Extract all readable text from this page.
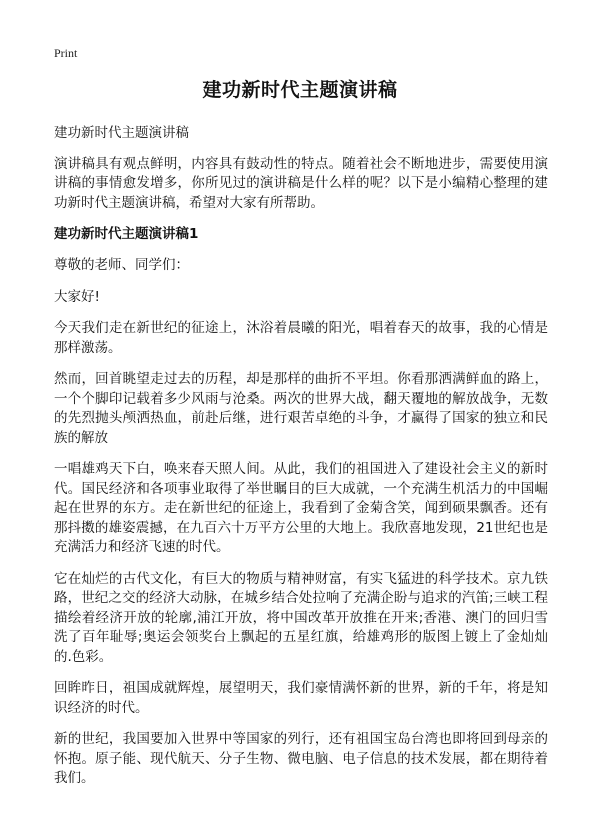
Print
建功新时代主题演讲稿

建功新时代主题演讲稿

演讲稿具有观点鲜明，内容具有鼓动性的特点。随着社会不断地进步，需要使用演讲稿的事情愈发增多，你所见过的演讲稿是什么样的呢？以下是小编精心整理的建功新时代主题演讲稿，希望对大家有所帮助。

建功新时代主题演讲稿1

尊敬的老师、同学们：

大家好!

今天我们走在新世纪的征途上，沐浴着晨曦的阳光，唱着春天的故事，我的心情是那样激荡。

然而，回首眺望走过去的历程，却是那样的曲折不平坦。你看那洒满鲜血的路上，一个个脚印记载着多少风雨与沧桑。两次的世界大战，翻天覆地的解放战争，无数的先烈抛头颅洒热血，前赴后继，进行艰苦卓绝的斗争，才赢得了国家的独立和民族的解放

一唱雄鸡天下白，唤来春天照人间。从此，我们的祖国进入了建设社会主义的新时代。国民经济和各项事业取得了举世瞩目的巨大成就，一个充满生机活力的中国崛起在世界的东方。走在新世纪的征途上，我看到了金菊含笑，闻到硕果飘香。还有那抖擞的雄姿震撼，在九百六十万平方公里的大地上。我欣喜地发现，21世纪也是充满活力和经济飞速的时代。

它在灿烂的古代文化，有巨大的物质与精神财富，有实飞猛进的科学技术。京九铁路，世纪之交的经济大动脉，在城乡结合处拉响了充满企盼与追求的汽笛;三峡工程描绘着经济开放的轮廓,浦江开放，将中国改革开放推在开来;香港、澳门的回归雪洗了百年耻辱;奥运会领奖台上飘起的五星红旗，给雄鸡形的版图上镀上了金灿灿的.色彩。

回眸昨日，祖国成就辉煌，展望明天，我们豪情满怀新的世界，新的千年，将是知识经济的时代。

新的世纪，我国要加入世界中等国家的列行，还有祖国宝岛台湾也即将回到母亲的怀抱。原子能、现代航天、分子生物、微电脑、电子信息的技术发展，都在期待着我们。
